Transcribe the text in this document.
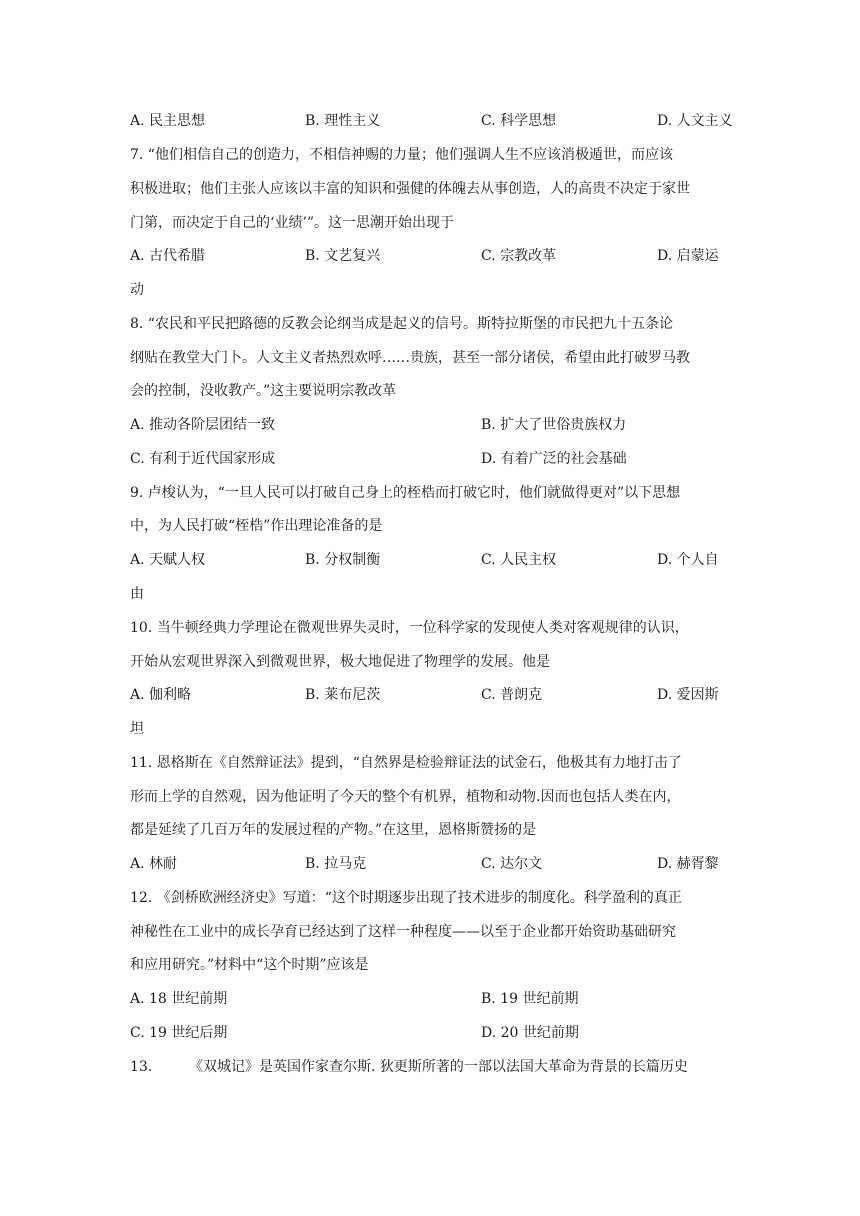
A. 民主思想	B. 理性主义	C. 科学思想	D. 人文主义
7. “他们相信自己的创造力，不相信神赐的力量；他们强调人生不应该消极遁世，而应该
积极进取；他们主张人应该以丰富的知识和强健的体魄去从事创造，人的高贵不决定于家世
门第，而决定于自己的‘业绩’”。这一思潮开始出现于
A. 古代希腊	B. 文艺复兴	C. 宗教改革	D. 启蒙运
动
8. “农民和平民把路德的反教会论纲当成是起义的信号。斯特拉斯堡的市民把九十五条论
纲贴在教堂大门卜。人文主义者热烈欢呼……贵族，甚至一部分诸侯，希望由此打破罗马教
会的控制，没收教产。”这主要说明宗教改革
A. 推动各阶层团结一致	B. 扩大了世俗贵族权力
C. 有利于近代国家形成	D. 有着广泛的社会基础
9. 卢梭认为，“一旦人民可以打破自己身上的桎梏而打破它时，他们就做得更对”以下思想
中，为人民打破“桎梏”作出理论准备的是
A. 天赋人权	B. 分权制衡	C. 人民主权	D. 个人自
由
10. 当牛顿经典力学理论在微观世界失灵时，一位科学家的发现使人类对客观规律的认识，
开始从宏观世界深入到微观世界，极大地促进了物理学的发展。他是
A. 伽利略	B. 莱布尼茨	C. 普朗克	D. 爱因斯
坦
11. 恩格斯在《自然辩证法》提到，“自然界是检验辩证法的试金石，他极其有力地打击了
形而上学的自然观，因为他证明了今天的整个有机界，植物和动物.因而也包括人类在内，
都是延续了几百万年的发展过程的产物。”在这里，恩格斯赞扬的是
A. 林耐	B. 拉马克	C. 达尔文	D. 赫胥黎
12. 《剑桥欧洲经济史》写道：“这个时期逐步出现了技术进步的制度化。科学盈利的真正
神秘性在工业中的成长孕育已经达到了这样一种程度——以至于企业都开始资助基础研究
和应用研究。”材料中“这个时期”应该是
A. 18 世纪前期	B. 19 世纪前期
C. 19 世纪后期	D. 20 世纪前期
13.	《双城记》是英国作家查尔斯. 狄更斯所著的一部以法国大革命为背景的长篇历史
